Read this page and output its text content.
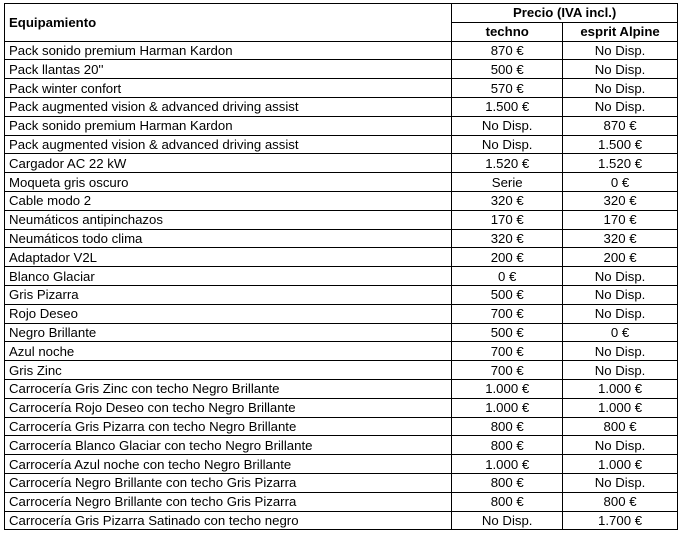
Equipamiento	Precio (IVA incl.)	
	techno	esprit Alpine
Pack sonido premium Harman Kardon	870 €	No Disp.
Pack llantas 20''	500 €	No Disp.
Pack winter confort	570 €	No Disp.
Pack augmented vision & advanced driving assist	1.500 €	No Disp.
Pack sonido premium Harman Kardon	No Disp.	870 €
Pack augmented vision & advanced driving assist	No Disp.	1.500 €
Cargador AC 22 kW	1.520 €	1.520 €
Moqueta gris oscuro	Serie	0 €
Cable modo 2	320 €	320 €
Neumáticos antipinchazos	170 €	170 €
Neumáticos todo clima	320 €	320 €
Adaptador V2L	200 €	200 €
Blanco Glaciar	0 €	No Disp.
Gris Pizarra	500 €	No Disp.
Rojo Deseo	700 €	No Disp.
Negro Brillante	500 €	0 €
Azul noche	700 €	No Disp.
Gris Zinc	700 €	No Disp.
Carrocería Gris Zinc con techo Negro Brillante	1.000 €	1.000 €
Carrocería Rojo Deseo con techo Negro Brillante	1.000 €	1.000 €
Carrocería Gris Pizarra con techo Negro Brillante	800 €	800 €
Carrocería Blanco Glaciar con techo Negro Brillante	800 €	No Disp.
Carrocería Azul noche con techo Negro Brillante	1.000 €	1.000 €
Carrocería Negro Brillante con techo Gris Pizarra	800 €	No Disp.
Carrocería Negro Brillante con techo Gris Pizarra	800 €	800 €
Carrocería Gris Pizarra Satinado con techo negro	No Disp.	1.700 €
